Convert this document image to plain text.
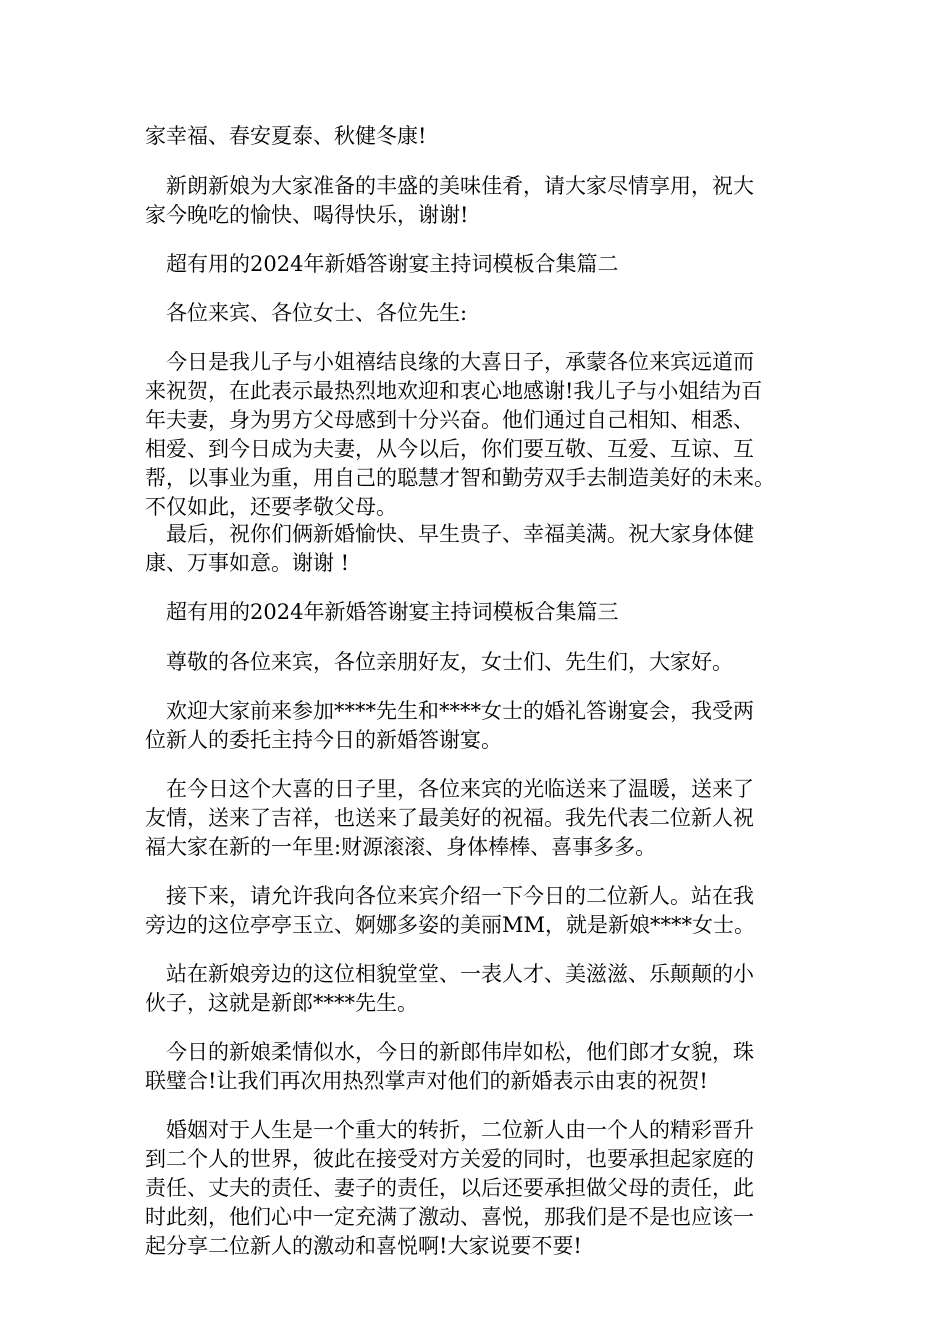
家幸福、春安夏泰、秋健冬康!

新朗新娘为大家准备的丰盛的美味佳肴，请大家尽情享用，祝大
家今晚吃的愉快、喝得快乐，谢谢!

超有用的2024年新婚答谢宴主持词模板合集篇二

各位来宾、各位女士、各位先生:

今日是我儿子与小姐禧结良缘的大喜日子，承蒙各位来宾远道而
来祝贺，在此表示最热烈地欢迎和衷心地感谢!我儿子与小姐结为百
年夫妻，身为男方父母感到十分兴奋。他们通过自己相知、相悉、
相爱、到今日成为夫妻，从今以后，你们要互敬、互爱、互谅、互
帮，以事业为重，用自己的聪慧才智和勤劳双手去制造美好的未来。
不仅如此，还要孝敬父母。

最后，祝你们俩新婚愉快、早生贵子、幸福美满。祝大家身体健
康、万事如意。谢谢 !

超有用的2024年新婚答谢宴主持词模板合集篇三

尊敬的各位来宾，各位亲朋好友，女士们、先生们，大家好。

欢迎大家前来参加****先生和****女士的婚礼答谢宴会，我受两
位新人的委托主持今日的新婚答谢宴。

在今日这个大喜的日子里，各位来宾的光临送来了温暖，送来了
友情，送来了吉祥，也送来了最美好的祝福。我先代表二位新人祝
福大家在新的一年里:财源滚滚、身体棒棒、喜事多多。

接下来，请允许我向各位来宾介绍一下今日的二位新人。站在我
旁边的这位亭亭玉立、婀娜多姿的美丽MM，就是新娘****女士。

站在新娘旁边的这位相貌堂堂、一表人才、美滋滋、乐颠颠的小
伙子，这就是新郎****先生。

今日的新娘柔情似水，今日的新郎伟岸如松，他们郎才女貌，珠
联璧合!让我们再次用热烈掌声对他们的新婚表示由衷的祝贺!

婚姻对于人生是一个重大的转折，二位新人由一个人的精彩晋升
到二个人的世界，彼此在接受对方关爱的同时，也要承担起家庭的
责任、丈夫的责任、妻子的责任，以后还要承担做父母的责任，此
时此刻，他们心中一定充满了激动、喜悦，那我们是不是也应该一
起分享二位新人的激动和喜悦啊!大家说要不要!
